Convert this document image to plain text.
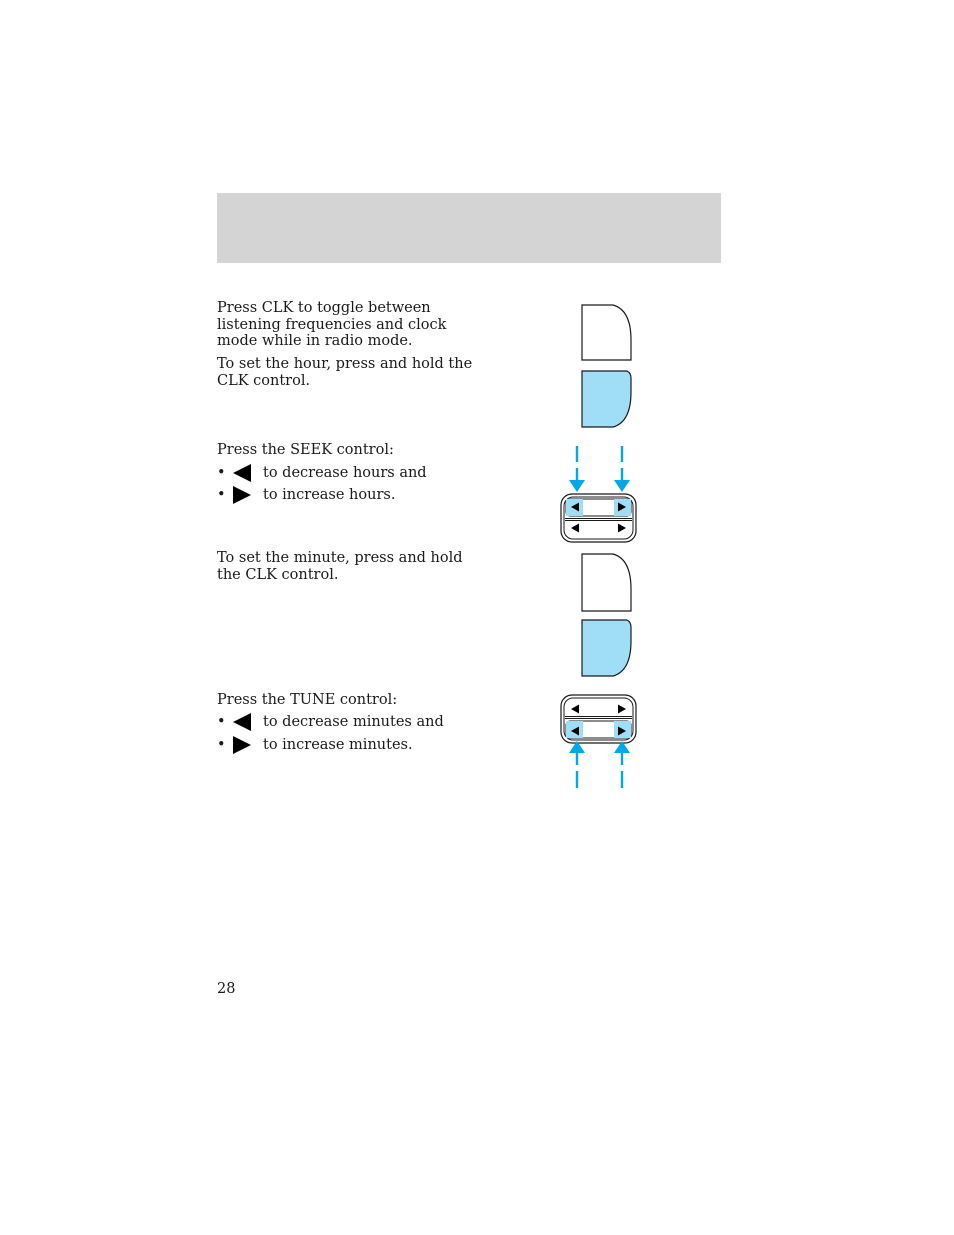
Press CLK to toggle between
listening frequencies and clock
mode while in radio mode.

To set the hour, press and hold the
CLK control.

Press the SEEK control:

•	to decrease hours and
•	to increase hours.

To set the minute, press and hold
the CLK control.

Press the TUNE control:

•	to decrease minutes and
•	to increase minutes.
28
